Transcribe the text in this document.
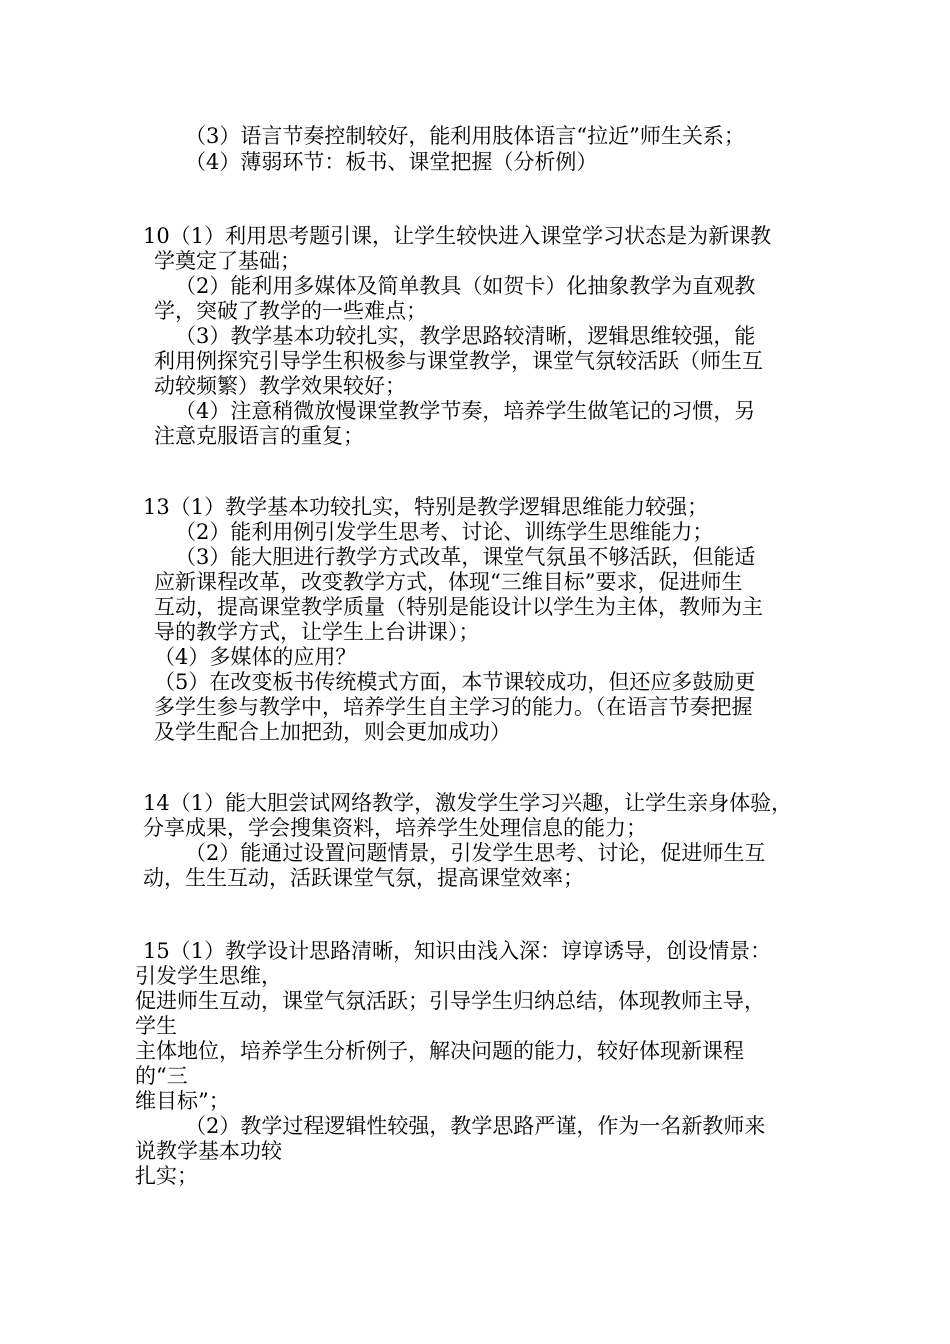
（3）语言节奏控制较好，能利用肢体语言“拉近”师生关系；
（4）薄弱环节：板书、课堂把握（分析例）
10（1）利用思考题引课，让学生较快进入课堂学习状态是为新课教
学奠定了基础；
（2）能利用多媒体及简单教具（如贺卡）化抽象教学为直观教
学，突破了教学的一些难点；
（3）教学基本功较扎实，教学思路较清晰，逻辑思维较强，能
利用例探究引导学生积极参与课堂教学，课堂气氛较活跃（师生互
动较频繁）教学效果较好；
（4）注意稍微放慢课堂教学节奏，培养学生做笔记的习惯，另
注意克服语言的重复；
13（1）教学基本功较扎实，特别是教学逻辑思维能力较强；
（2）能利用例引发学生思考、讨论、训练学生思维能力；
（3）能大胆进行教学方式改革，课堂气氛虽不够活跃，但能适
应新课程改革，改变教学方式，体现“三维目标”要求，促进师生
互动，提高课堂教学质量（特别是能设计以学生为主体，教师为主
导的教学方式，让学生上台讲课）；
（4）多媒体的应用？
（5）在改变板书传统模式方面，本节课较成功，但还应多鼓励更
多学生参与教学中，培养学生自主学习的能力。（在语言节奏把握
及学生配合上加把劲，则会更加成功）
14（1）能大胆尝试网络教学，激发学生学习兴趣，让学生亲身体验，
分享成果，学会搜集资料，培养学生处理信息的能力；
（2）能通过设置问题情景，引发学生思考、讨论，促进师生互
动，生生互动，活跃课堂气氛，提高课堂效率；
15（1）教学设计思路清晰，知识由浅入深：谆谆诱导，创设情景：
引发学生思维，
促进师生互动，课堂气氛活跃；引导学生归纳总结，体现教师主导，
学生
主体地位，培养学生分析例子，解决问题的能力，较好体现新课程
的“三
维目标”；
（2）教学过程逻辑性较强，教学思路严谨，作为一名新教师来
说教学基本功较
扎实；
